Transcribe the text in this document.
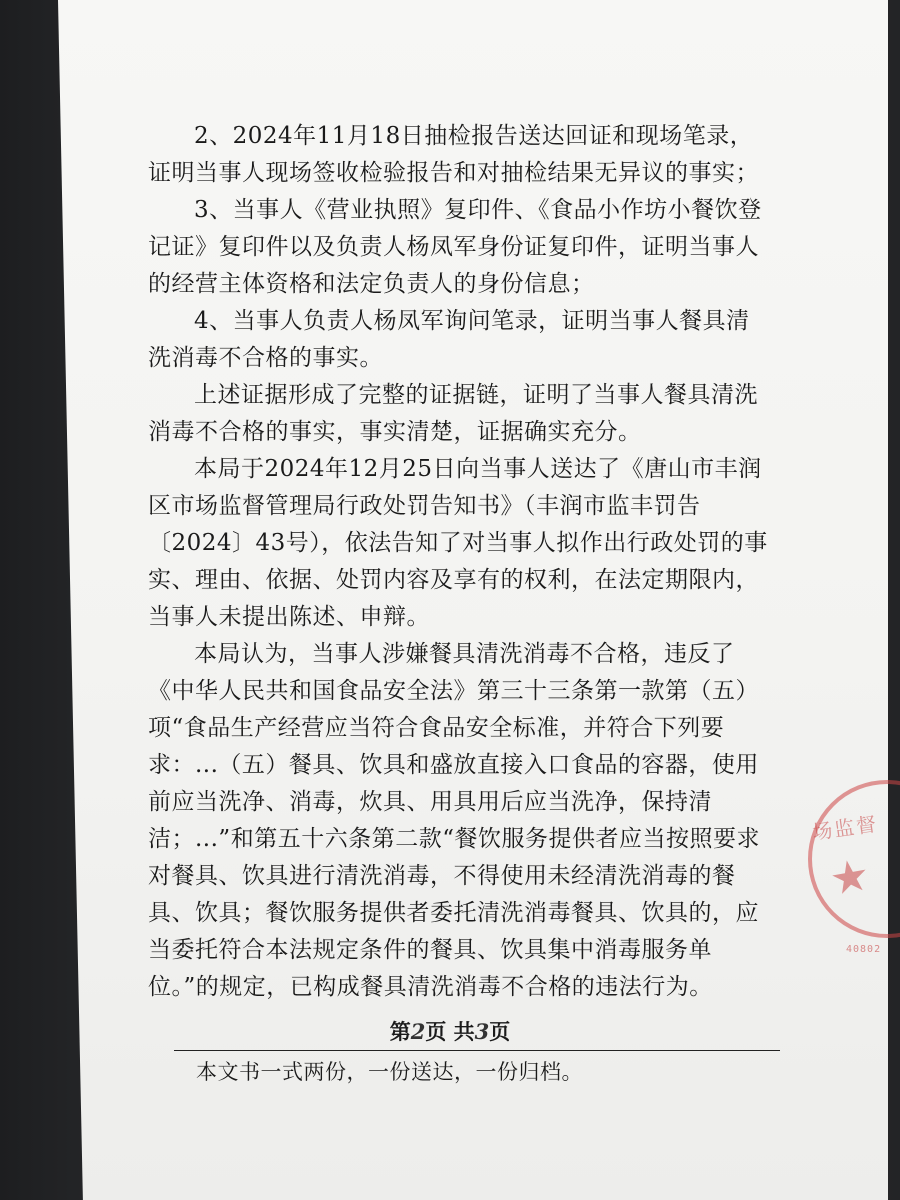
2、2024年11月18日抽检报告送达回证和现场笔录，证明当事人现场签收检验报告和对抽检结果无异议的事实；

3、当事人《营业执照》复印件、《食品小作坊小餐饮登记证》复印件以及负责人杨凤军身份证复印件，证明当事人的经营主体资格和法定负责人的身份信息；

4、当事人负责人杨凤军询问笔录，证明当事人餐具清洗消毒不合格的事实。

上述证据形成了完整的证据链，证明了当事人餐具清洗消毒不合格的事实，事实清楚，证据确实充分。

本局于2024年12月25日向当事人送达了《唐山市丰润区市场监督管理局行政处罚告知书》（丰润市监丰罚告〔2024〕43号），依法告知了对当事人拟作出行政处罚的事实、理由、依据、处罚内容及享有的权利，在法定期限内，当事人未提出陈述、申辩。

本局认为，当事人涉嫌餐具清洗消毒不合格，违反了《中华人民共和国食品安全法》第三十三条第一款第（五）项“食品生产经营应当符合食品安全标准，并符合下列要求：...（五）餐具、饮具和盛放直接入口食品的容器，使用前应当洗净、消毒，炊具、用具用后应当洗净，保持清洁；...”和第五十六条第二款“餐饮服务提供者应当按照要求对餐具、饮具进行清洗消毒，不得使用未经清洗消毒的餐具、饮具；餐饮服务提供者委托清洗消毒餐具、饮具的，应当委托符合本法规定条件的餐具、饮具集中消毒服务单位。”的规定，已构成餐具清洗消毒不合格的违法行为。

第2页 共3页
本文书一式两份，一份送达，一份归档。
场监督
★
40802
